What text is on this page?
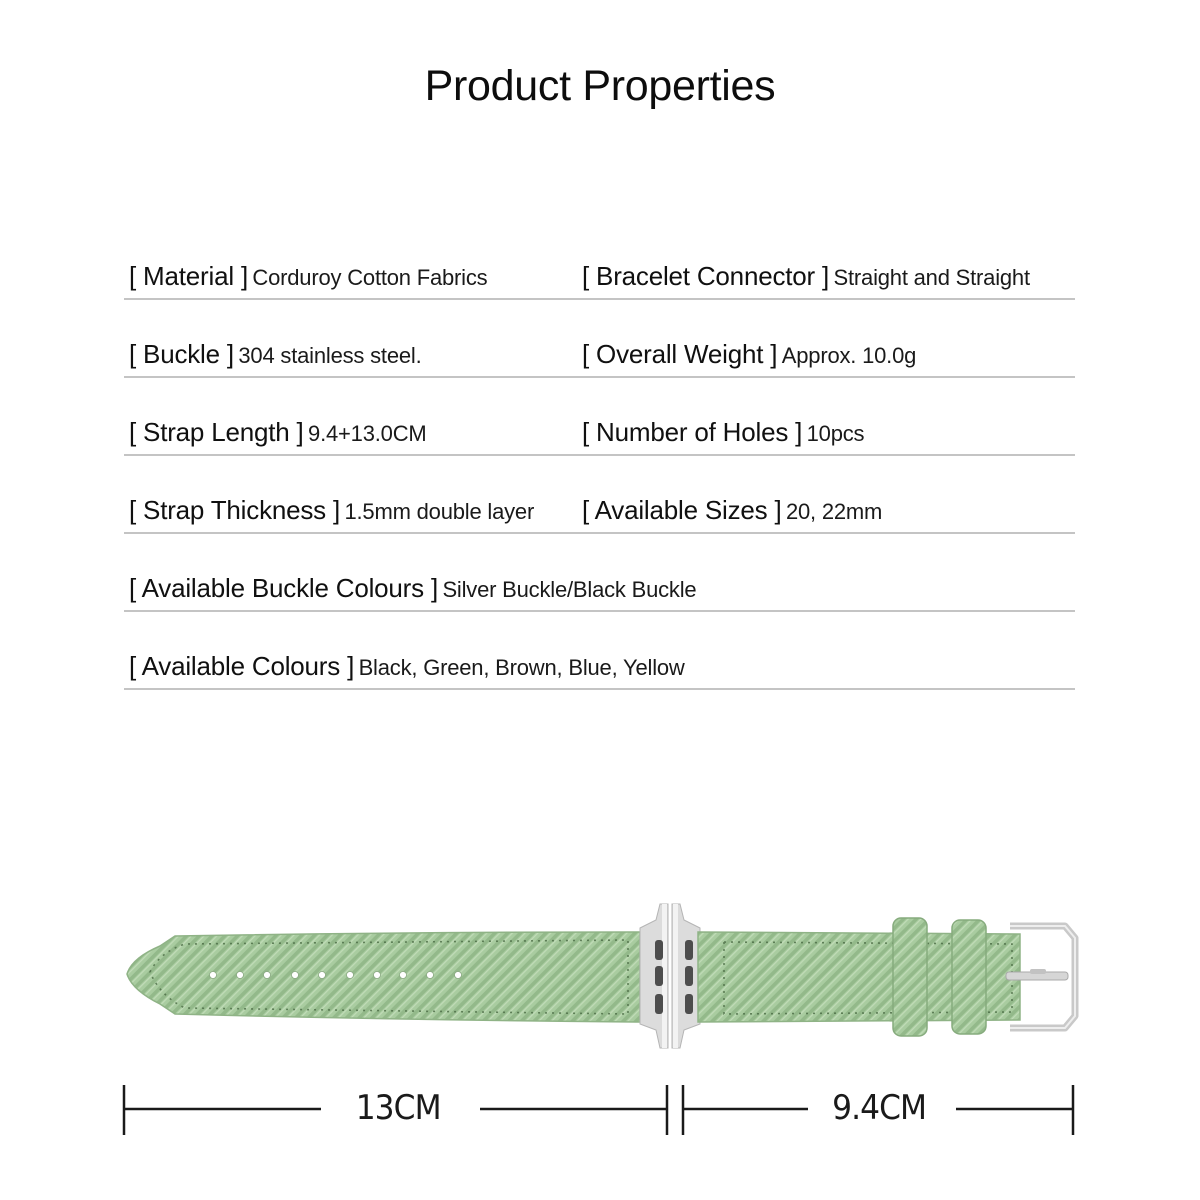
Product Properties
[ Material ] Corduroy Cotton Fabrics	[ Bracelet Connector ] Straight and Straight
[ Buckle ] 304 stainless steel.	[ Overall Weight ] Approx. 10.0g
[ Strap Length ] 9.4+13.0CM	[ Number of Holes ] 10pcs
[ Strap Thickness ] 1.5mm double layer [ Available Sizes ] 20, 22mm
[ Available Buckle Colours ] Silver Buckle/Black Buckle
[ Available Colours ] Black, Green, Brown, Blue, Yellow
13CM	9.4CM
